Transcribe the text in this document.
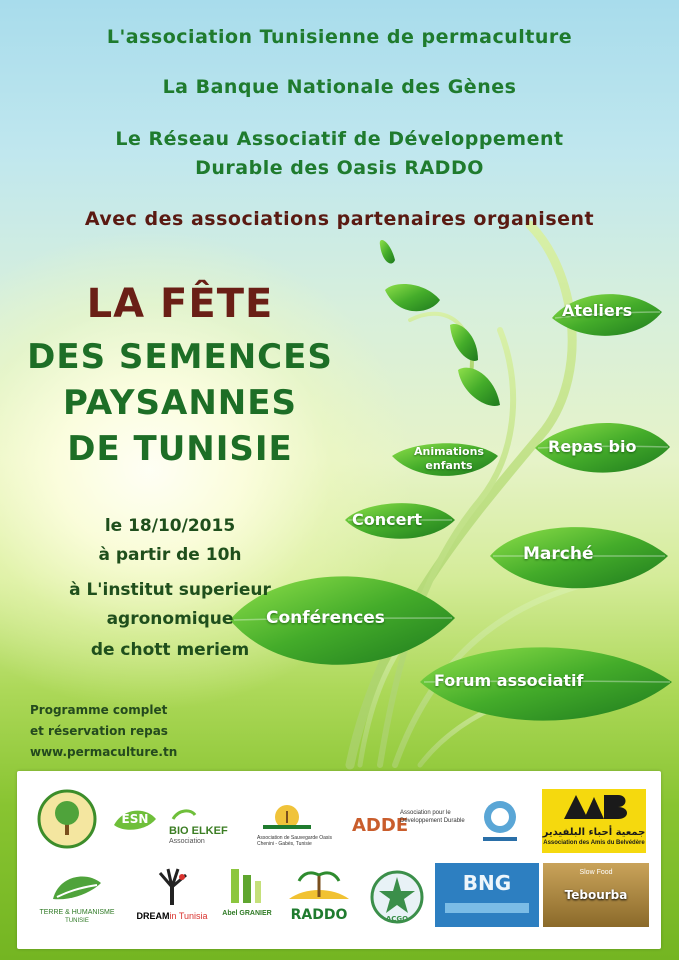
L'association Tunisienne de permaculture
La Banque Nationale des Gènes
Le Réseau Associatif de Développement
Durable des Oasis RADDO
Avec des associations partenaires organisent
LA FÊTE
DES SEMENCES
PAYSANNES
DE TUNISIE
le 18/10/2015
à partir de 10h
à L'institut superieur
agronomique
de chott meriem
Programme complet
et réservation repas
www.permaculture.tn
Ateliers
Repas bio
Animations
enfants
Concert
Marché
Conférences
Forum associatif
ESN
BIO ELKEF
Association	Association de Sauvegarde Oasis Chenini - Gabès, Tunisie
ADDE
Association pour le Développement Durable
جمعية أحباء البلفيدير
Association des Amis du Belvédère
TERRE & HUMANISME
TUNISIE	DREAMin Tunisia	Abel GRANIER	RADDO	ACGO
BNG	Slow Food
Tebourba
